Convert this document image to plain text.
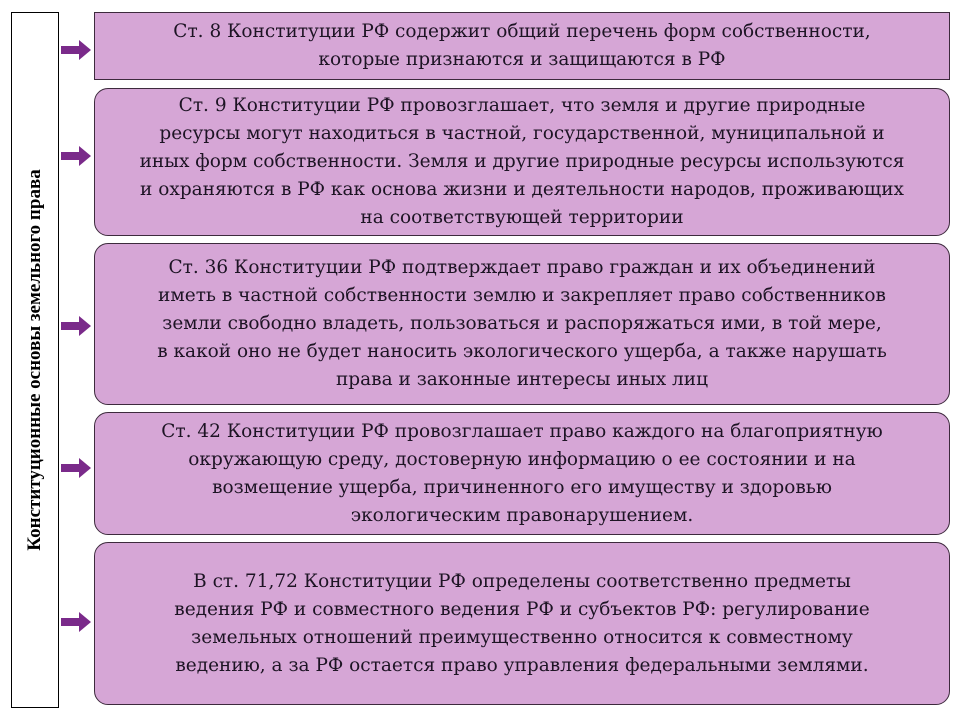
Конституционные основы земельного права

Ст. 8 Конституции РФ содержит общий перечень форм собственности,
которые признаются и защищаются в РФ

Ст. 9 Конституции РФ провозглашает, что земля и другие природные
ресурсы могут находиться в частной, государственной, муниципальной и
иных форм собственности. Земля и другие природные ресурсы используются
и охраняются в РФ как основа жизни и деятельности народов, проживающих
на соответствующей территории

Ст. 36 Конституции РФ подтверждает право граждан и их объединений
иметь в частной собственности землю и закрепляет право собственников
земли свободно владеть, пользоваться и распоряжаться ими, в той мере,
в какой оно не будет наносить экологического ущерба, а также нарушать
права и законные интересы иных лиц

Ст. 42 Конституции РФ провозглашает право каждого на благоприятную
окружающую среду, достоверную информацию о ее состоянии и на
возмещение ущерба, причиненного его имуществу и здоровью
экологическим правонарушением.

В ст. 71,72 Конституции РФ определены соответственно предметы
ведения РФ и совместного ведения РФ и субъектов РФ: регулирование
земельных отношений преимущественно относится к совместному
ведению, а за РФ остается право управления федеральными землями.
